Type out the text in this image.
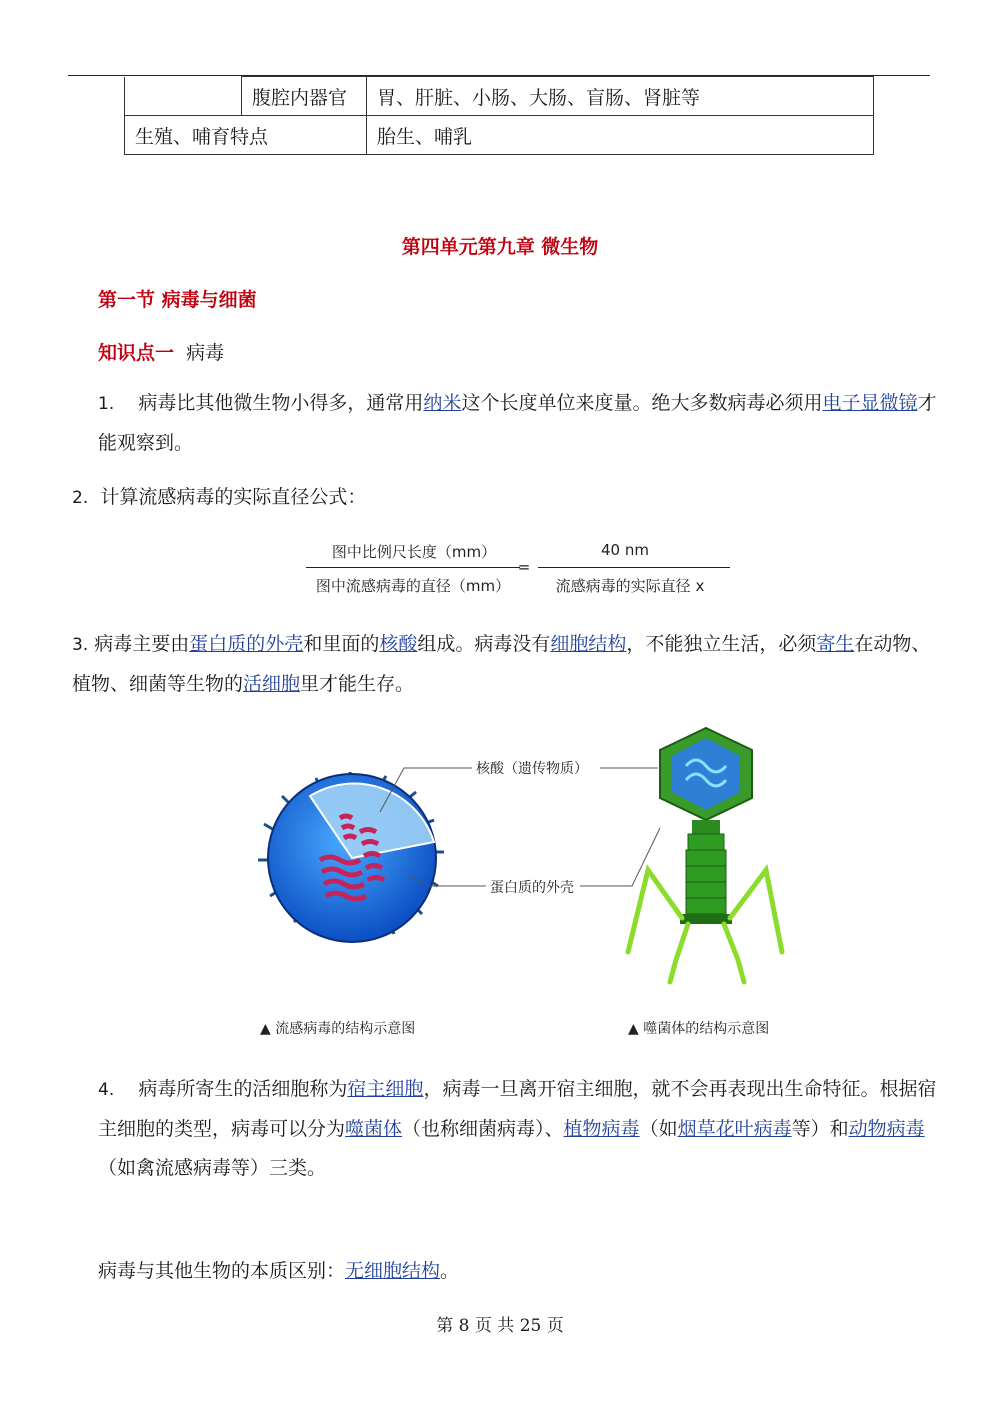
	腹腔内器官	胃、肝脏、小肠、大肠、盲肠、肾脏等
生殖、哺育特点		胎生、哺乳
第四单元第九章 微生物
第一节 病毒与细菌
知识点一 病毒
1. 病毒比其他微生物小得多，通常用纳米这个长度单位来度量。绝大多数病毒必须用电子显微镜才能观察到。
2. 计算流感病毒的实际直径公式：
图中比例尺长度（mm）
图中流感病毒的直径（mm）
=
40 nm
流感病毒的实际直径 x
3. 病毒主要由蛋白质的外壳和里面的核酸组成。病毒没有细胞结构，不能独立生活，必须寄生在动物、植物、细菌等生物的活细胞里才能生存。
核酸（遗传物质）
蛋白质的外壳
▲ 流感病毒的结构示意图	▲ 噬菌体的结构示意图
4. 病毒所寄生的活细胞称为宿主细胞，病毒一旦离开宿主细胞，就不会再表现出生命特征。根据宿主细胞的类型，病毒可以分为噬菌体（也称细菌病毒）、植物病毒（如烟草花叶病毒等）和动物病毒（如禽流感病毒等）三类。
病毒与其他生物的本质区别：无细胞结构。
第 8 页 共 25 页
